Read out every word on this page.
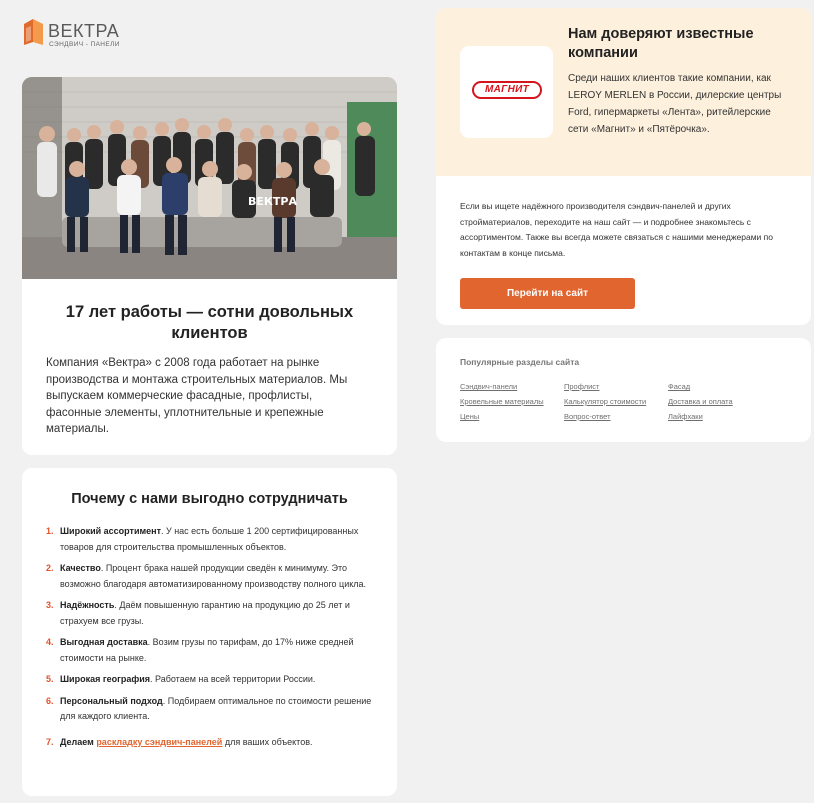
ВЕКТРА
СЭНДВИЧ - ПАНЕЛИ
ВЕКТРА
17 лет работы — сотни довольных клиентов
Компания «Вектра» с 2008 года работает на рынке производства и монтажа строительных материалов. Мы выпускаем коммерческие фасадные, профлисты, фасонные элементы, уплотнительные и крепежные материалы.
Почему с нами выгодно сотрудничать
1. Широкий ассортимент. У нас есть больше 1 200 сертифицированных товаров для строительства промышленных объектов.
2. Качество. Процент брака нашей продукции сведён к минимуму. Это возможно благодаря автоматизированному производству полного цикла.
3. Надёжность. Даём повышенную гарантию на продукцию до 25 лет и страхуем все грузы.
4. Выгодная доставка. Возим грузы по тарифам, до 17% ниже средней стоимости на рынке.
5. Широкая география. Работаем на всей территории России.
6. Персональный подход. Подбираем оптимальное по стоимости решение для каждого клиента.
7. Делаем раскладку сэндвич-панелей для ваших объектов.
МАГНИТ
Нам доверяют известные компании
Среди наших клиентов такие компании, как LEROY MERLEN в России, дилерские центры Ford, гипермаркеты «Лента», ритейлерские сети «Магнит» и «Пятёрочка».
Если вы ищете надёжного производителя сэндвич-панелей и других стройматериалов, переходите на наш сайт — и подробнее знакомьтесь с ассортиментом. Также вы всегда можете связаться с нашими менеджерами по контактам в конце письма.
Перейти на сайт
Популярные разделы сайта
Сэндвич-панели	Профлист	Фасад
Кровельные материалы	Калькулятор стоимости	Доставка и оплата
Цены	Вопрос-ответ	Лайфхаки
